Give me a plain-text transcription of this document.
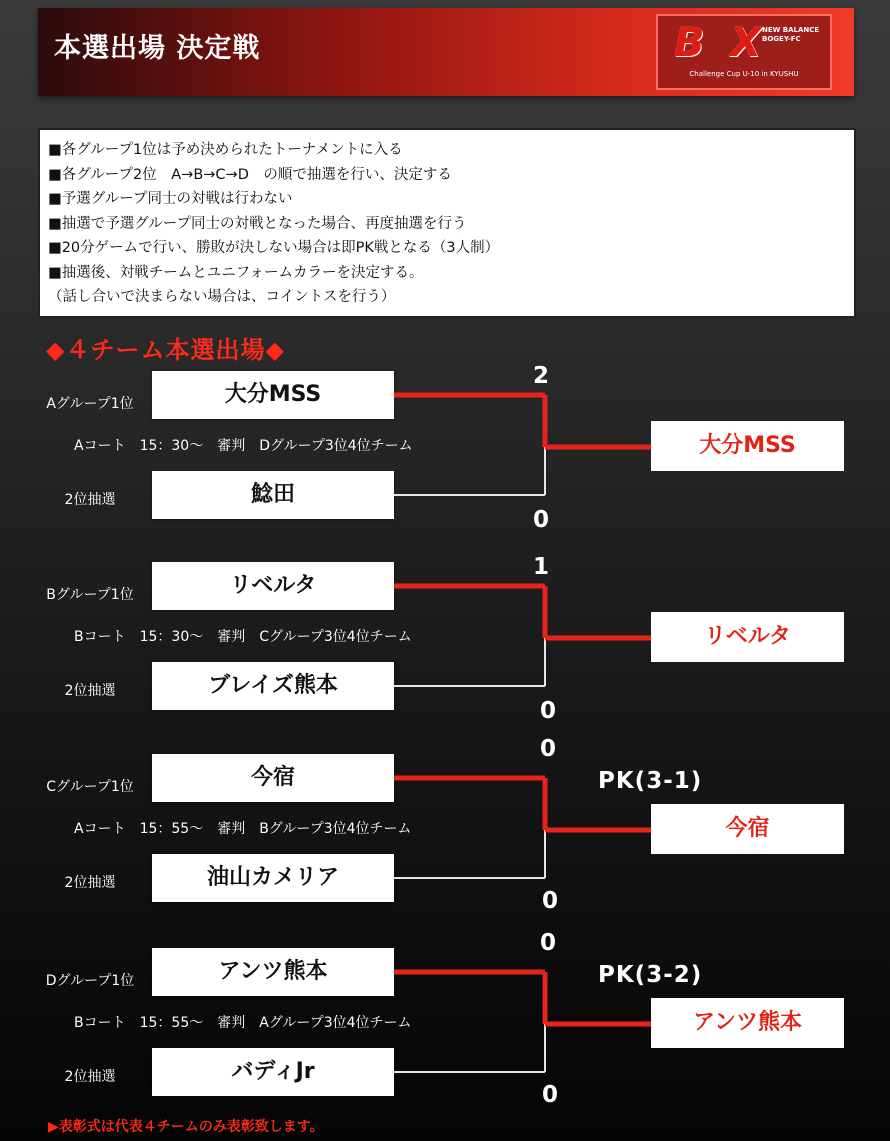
本選出場 決定戦	B X
NEW BALANCE BOGEY-FC
Challenge Cup U-10 in KYUSHU
■各グループ1位は予め決められたトーナメントに入る
■各グループ2位　A→B→C→D　の順で抽選を行い、決定する
■予選グループ同士の対戦は行わない
■抽選で予選グループ同士の対戦となった場合、再度抽選を行う
■20分ゲームで行い、勝敗が決しない場合は即PK戦となる（3人制）
■抽選後、対戦チームとユニフォームカラーを決定する。
（話し合いで決まらない場合は、コイントスを行う）
◆４チーム本選出場◆
Aグループ1位	大分MSS
Aコート　15：30〜　審判　Dグループ3位4位チーム
2位抽選	鯰田
2
0
大分MSS
Bグループ1位	リベルタ
Bコート　15：30〜　審判　Cグループ3位4位チーム
2位抽選	ブレイズ熊本
1
0
リベルタ
Cグループ1位	今宿
Aコート　15：55〜　審判　Bグループ3位4位チーム
2位抽選	油山カメリア
0
0
PK(3-1)
今宿
Dグループ1位	アンツ熊本
Bコート　15：55〜　審判　Aグループ3位4位チーム
2位抽選	バディJr
0
0
PK(3-2)
アンツ熊本
▶表彰式は代表４チームのみ表彰致します。
